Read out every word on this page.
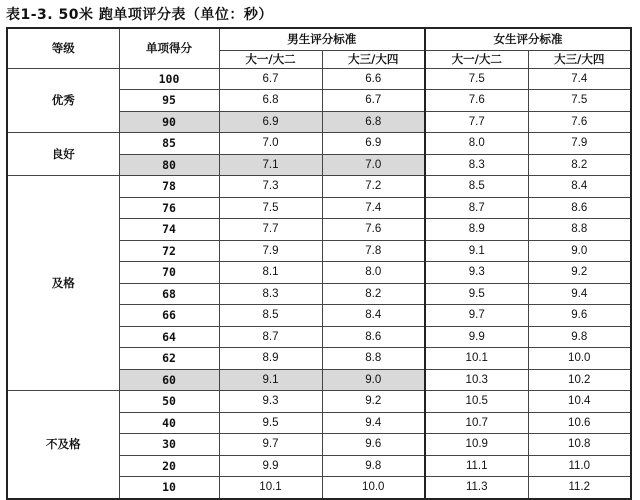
表1-3. 50米 跑单项评分表（单位：秒）
等级	单项得分	男生评分标准		女生评分标准	
		大一/大二	大三/大四	大一/大二	大三/大四
优秀	100	6.7	6.6	7.5	7.4
	95	6.8	6.7	7.6	7.5
	90	6.9	6.8	7.7	7.6
良好	85	7.0	6.9	8.0	7.9
	80	7.1	7.0	8.3	8.2
及格	78	7.3	7.2	8.5	8.4
	76	7.5	7.4	8.7	8.6
	74	7.7	7.6	8.9	8.8
	72	7.9	7.8	9.1	9.0
	70	8.1	8.0	9.3	9.2
	68	8.3	8.2	9.5	9.4
	66	8.5	8.4	9.7	9.6
	64	8.7	8.6	9.9	9.8
	62	8.9	8.8	10.1	10.0
	60	9.1	9.0	10.3	10.2
不及格	50	9.3	9.2	10.5	10.4
	40	9.5	9.4	10.7	10.6
	30	9.7	9.6	10.9	10.8
	20	9.9	9.8	11.1	11.0
	10	10.1	10.0	11.3	11.2
